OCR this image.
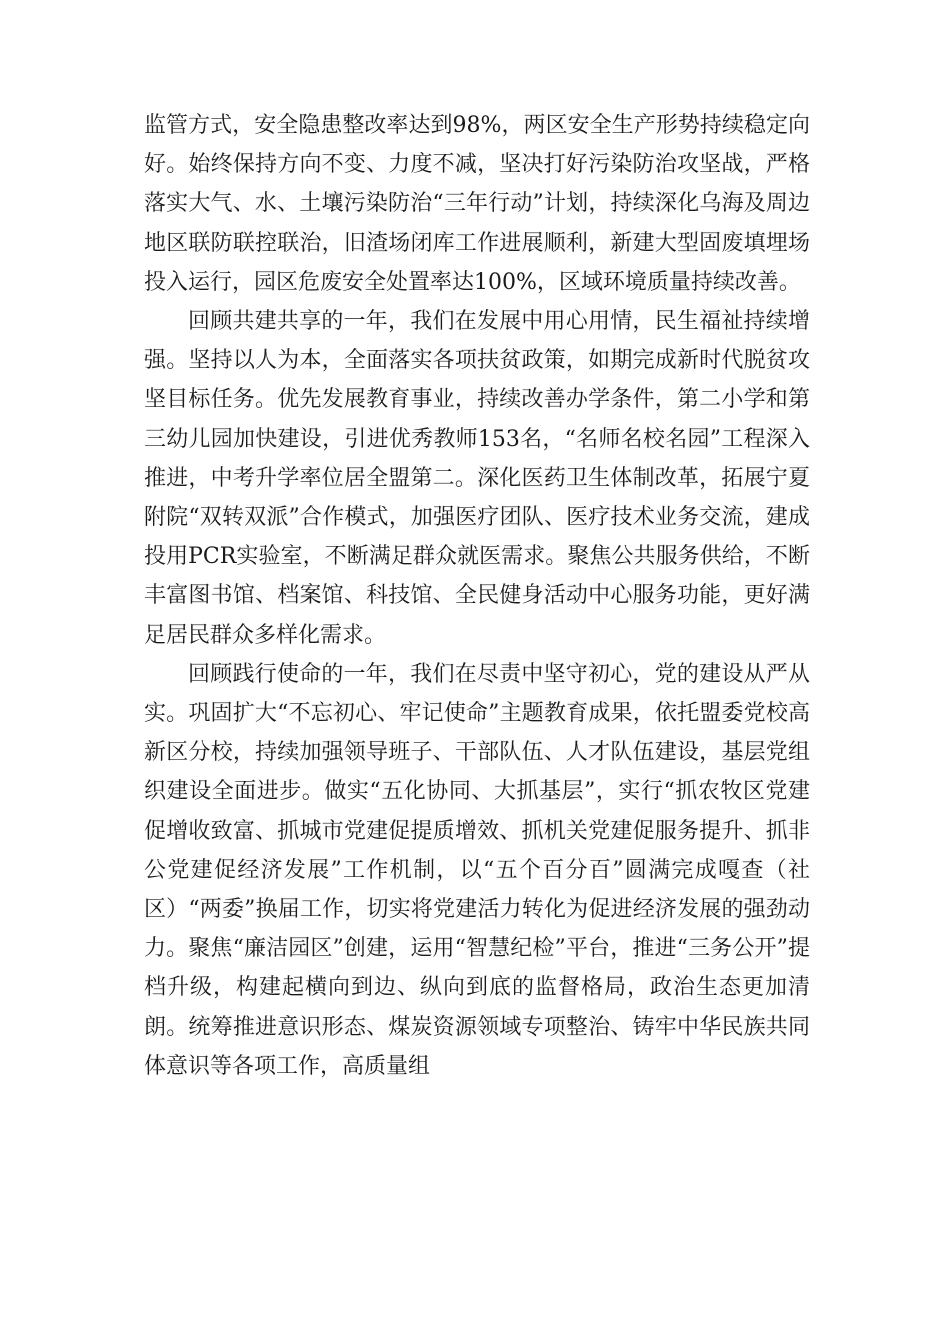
监管方式，安全隐患整改率达到98%，两区安全生产形势持续稳定向好。始终保持方向不变、力度不减，坚决打好污染防治攻坚战，严格落实大气、水、土壤污染防治“三年行动”计划，持续深化乌海及周边地区联防联控联治，旧渣场闭库工作进展顺利，新建大型固废填埋场投入运行，园区危废安全处置率达100%，区域环境质量持续改善。

回顾共建共享的一年，我们在发展中用心用情，民生福祉持续增强。坚持以人为本，全面落实各项扶贫政策，如期完成新时代脱贫攻坚目标任务。优先发展教育事业，持续改善办学条件，第二小学和第三幼儿园加快建设，引进优秀教师153名，“名师名校名园”工程深入推进，中考升学率位居全盟第二。深化医药卫生体制改革，拓展宁夏附院“双转双派”合作模式，加强医疗团队、医疗技术业务交流，建成投用PCR实验室，不断满足群众就医需求。聚焦公共服务供给，不断丰富图书馆、档案馆、科技馆、全民健身活动中心服务功能，更好满足居民群众多样化需求。

回顾践行使命的一年，我们在尽责中坚守初心，党的建设从严从实。巩固扩大“不忘初心、牢记使命”主题教育成果，依托盟委党校高新区分校，持续加强领导班子、干部队伍、人才队伍建设，基层党组织建设全面进步。做实“五化协同、大抓基层”，实行“抓农牧区党建促增收致富、抓城市党建促提质增效、抓机关党建促服务提升、抓非公党建促经济发展”工作机制，以“五个百分百”圆满完成嘎查（社区）“两委”换届工作，切实将党建活力转化为促进经济发展的强劲动力。聚焦“廉洁园区”创建，运用“智慧纪检”平台，推进“三务公开”提档升级，构建起横向到边、纵向到底的监督格局，政治生态更加清朗。统筹推进意识形态、煤炭资源领域专项整治、铸牢中华民族共同体意识等各项工作，高质量组
